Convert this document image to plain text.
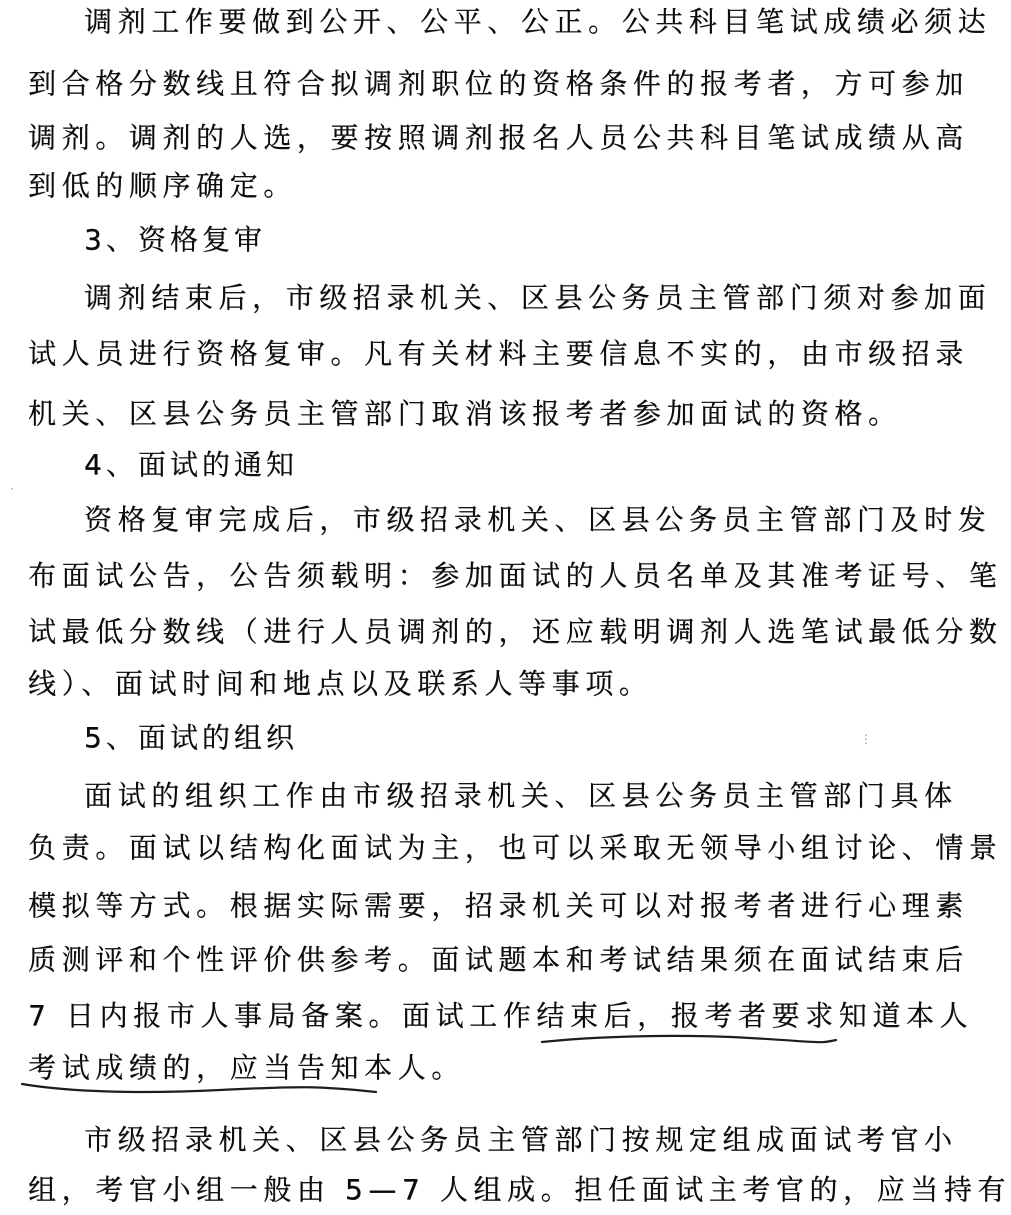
调剂工作要做到公开、公平、公正。公共科目笔试成绩必须达
到合格分数线且符合拟调剂职位的资格条件的报考者，方可参加
调剂。调剂的人选，要按照调剂报名人员公共科目笔试成绩从高
到低的顺序确定。
3、资格复审
调剂结束后，市级招录机关、区县公务员主管部门须对参加面
试人员进行资格复审。凡有关材料主要信息不实的，由市级招录
机关、区县公务员主管部门取消该报考者参加面试的资格。
4、面试的通知
资格复审完成后，市级招录机关、区县公务员主管部门及时发
布面试公告，公告须载明：参加面试的人员名单及其准考证号、笔
试最低分数线（进行人员调剂的，还应载明调剂人选笔试最低分数
线）、面试时间和地点以及联系人等事项。
5、面试的组织
面试的组织工作由市级招录机关、区县公务员主管部门具体
负责。面试以结构化面试为主，也可以采取无领导小组讨论、情景
模拟等方式。根据实际需要，招录机关可以对报考者进行心理素
质测评和个性评价供参考。面试题本和考试结果须在面试结束后
7 日内报市人事局备案。面试工作结束后，报考者要求知道本人
考试成绩的，应当告知本人。
市级招录机关、区县公务员主管部门按规定组成面试考官小
组，考官小组一般由 5—7 人组成。担任面试主考官的，应当持有
⋮
·
